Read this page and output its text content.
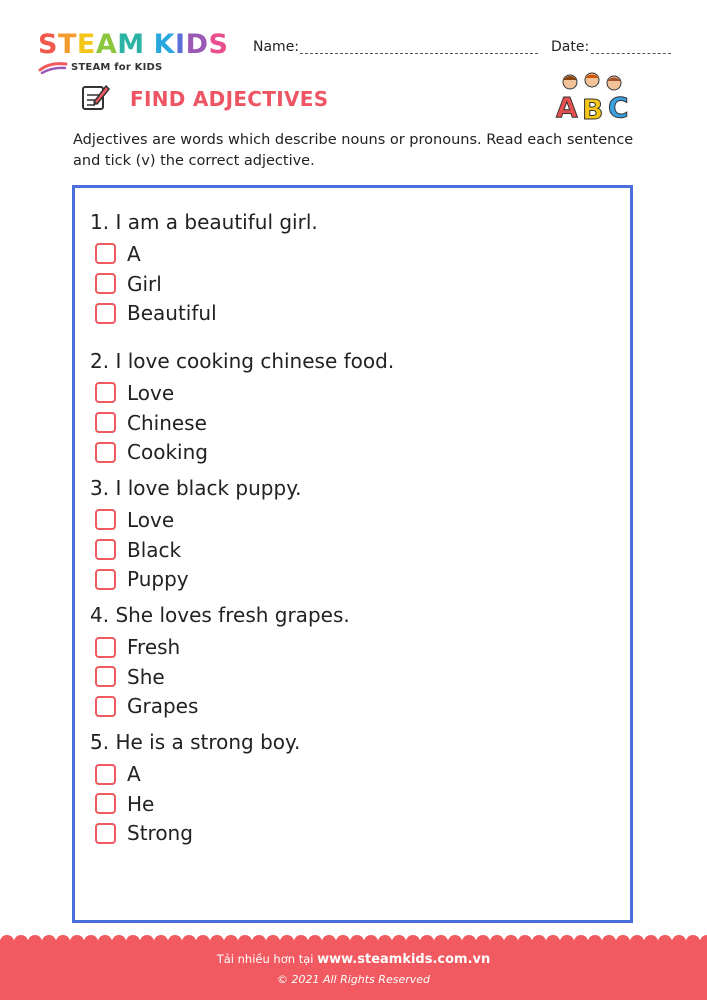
STEAM KIDS
STEAM for KIDS
Name:	Date:
FIND ADJECTIVES	A B C
Adjectives are words which describe nouns or pronouns. Read each sentence and tick (v) the correct adjective.
1. I am a beautiful girl.
A
Girl
Beautiful
2. I love cooking chinese food.
Love
Chinese
Cooking
3. I love black puppy.
Love
Black
Puppy
4. She loves fresh grapes.
Fresh
She
Grapes
5. He is a strong boy.
A
He
Strong
Tải nhiều hơn tại www.steamkids.com.vn
© 2021 All Rights Reserved
